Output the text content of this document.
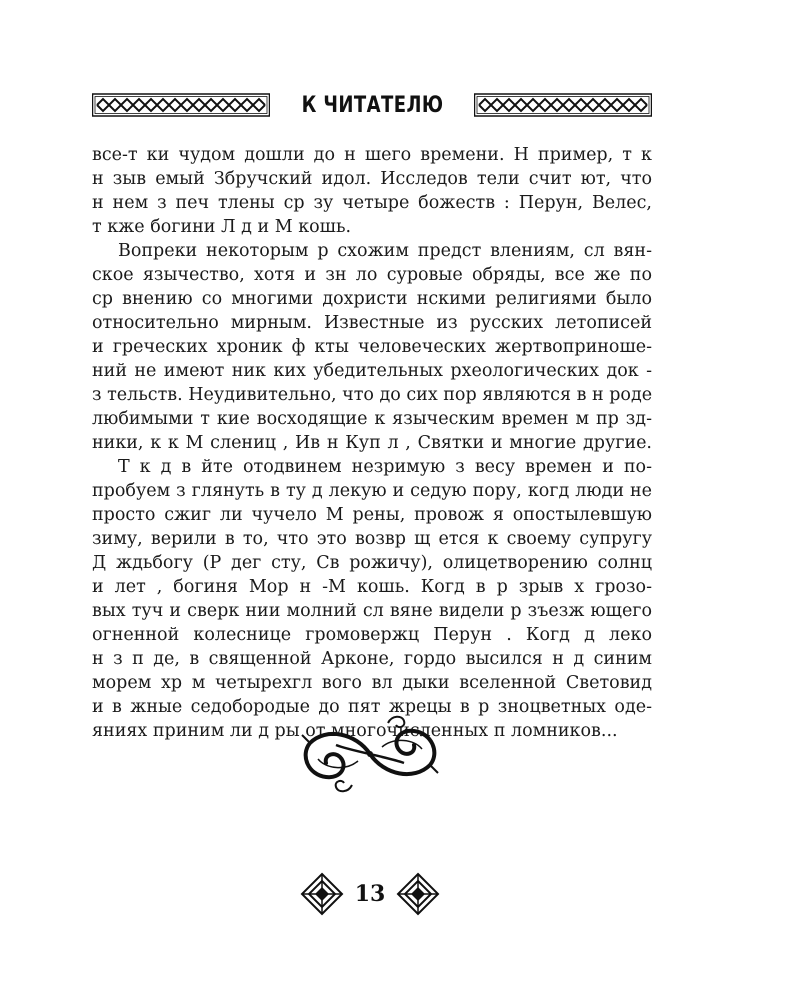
К ЧИТАТЕЛЮ
все-т ки чудом дошли до н шего времени. Н пример, т к
н зыв емый Збручский идол. Исследов тели счит ют, что
н нем з печ тлены ср зу четыре божеств : Перун, Велес,
т кже богини Л д и М кошь.
Вопреки некоторым р схожим предст влениям, сл вян-
ское язычество, хотя и зн ло суровые обряды, все же по
ср внению со многими дохристи нскими религиями было
относительно мирным. Известные из русских летописей
и греческих хроник ф кты человеческих жертвоприноше-
ний не имеют ник ких убедительных рхеологических док -
з тельств. Неудивительно, что до сих пор являются в н роде
любимыми т кие восходящие к языческим времен м пр зд-
ники, к к М слениц , Ив н Куп л , Святки и многие другие.
Т к д в йте отодвинем незримую з весу времен и по-
пробуем з глянуть в ту д лекую и седую пору, когд люди не
просто сжиг ли чучело М рены, провож я опостылевшую
зиму, верили в то, что это возвр щ ется к своему супругу
Д ждьбогу (Р дег сту, Св рожичу), олицетворению солнц
и лет , богиня Мор н -М кошь. Когд в р зрыв х грозо-
вых туч и сверк нии молний сл вяне видели р зъезж ющего
огненной колеснице громовержц Перун . Когд д леко
н з п де, в священной Арконе, гордо высился н д синим
морем хр м четырехгл вого вл дыки вселенной Световид
и в жные седобородые до пят жрецы в р зноцветных оде-
яниях приним ли д ры от многочисленных п ломников...
13
